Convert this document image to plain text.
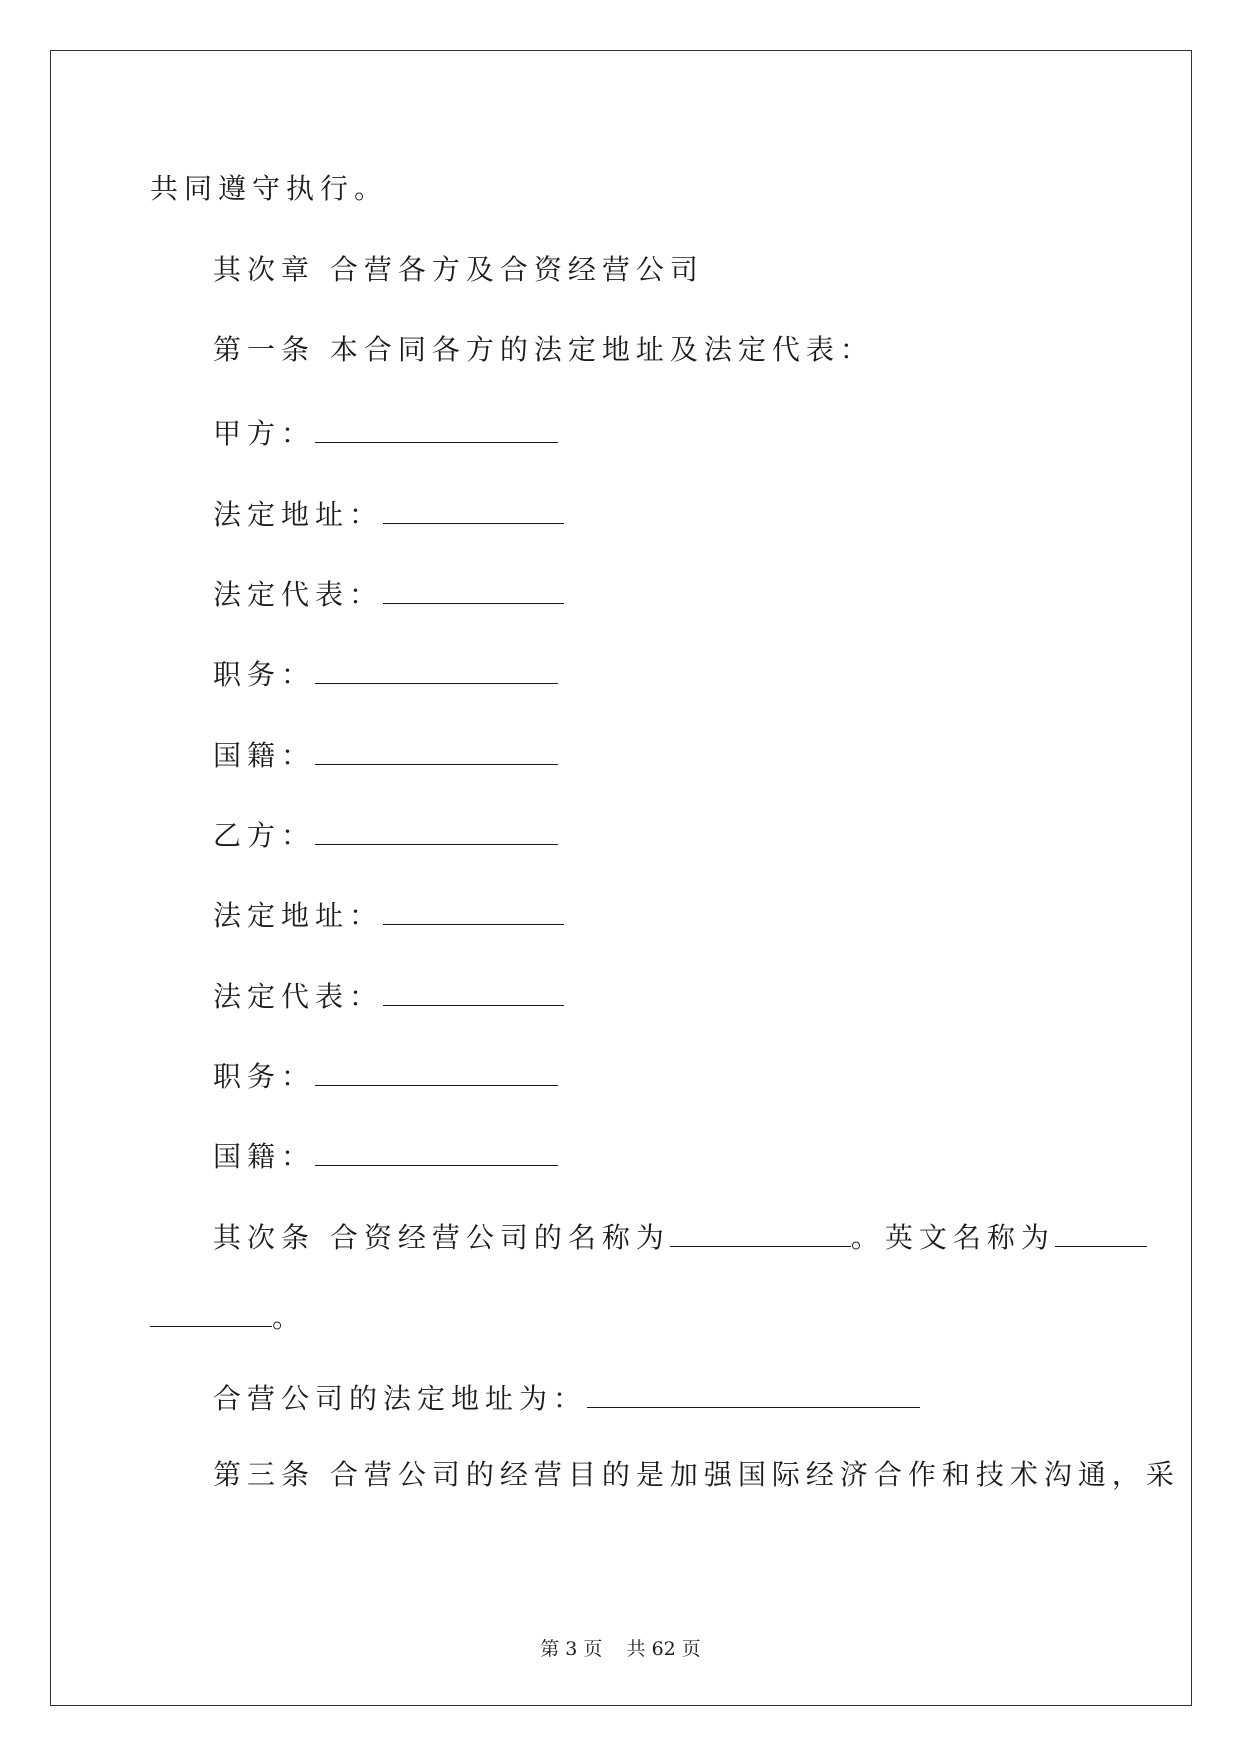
共同遵守执行。
其次章 合营各方及合资经营公司
第一条 本合同各方的法定地址及法定代表：
甲方：
法定地址：
法定代表：
职务：
国籍：
乙方：
法定地址：
法定代表：
职务：
国籍：
其次条 合资经营公司的名称为	。英文名称为
。
合营公司的法定地址为：
第三条 合营公司的经营目的是加强国际经济合作和技术沟通，采
第 3 页    共 62 页
